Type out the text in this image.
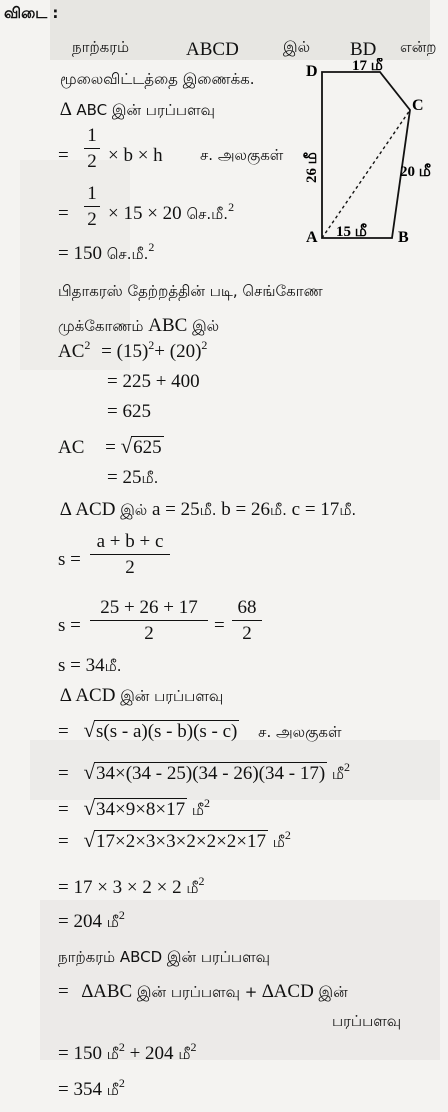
விடை :
நாற்கரம்	ABCD	இல் BD என்ற
மூலைவிட்டத்தை இணைக்க.	D
C
A	B
17 மீ
20 மீ
15 மீ
26 மீ
∆ ABC இன் பரப்பளவு
=
1
2 × b × h ச. அலகுகள்
=
1
2 × 15 × 20 செ.மீ.$^2$
= 150 செ.மீ.$^2$
பிதாகரஸ் தேற்றத்தின் படி, செங்கோண
முக்கோணம் ABC இல்
$AC^2 = (15)^2+ (20)^2$
= 225 + 400
= 625
AC = √625
= 25மீ.
∆ ACD இல் a = 25மீ. b = 26மீ. c = 17மீ.
s =
a + b + c
2
s =
25 + 26 + 17
2	=
68
2
s = 34மீ.
∆ ACD இன் பரப்பளவு
= √s(s - a)(s - b)(s - c) ச. அலகுகள்
= √34×(34 - 25)(34 - 26)(34 - 17) மீ$^2$
= √34×9×8×17 மீ$^2$
= √17×2×3×3×2×2×2×17 மீ$^2$
= 17 × 3 × 2 × 2 மீ$^2$
= 204 மீ$^2$
நாற்கரம் ABCD இன் பரப்பளவு
= ∆ABC இன் பரப்பளவு + ∆ACD இன்
பரப்பளவு
= 150 மீ$^2$ + 204 மீ$^2$
= 354 மீ$^2$
